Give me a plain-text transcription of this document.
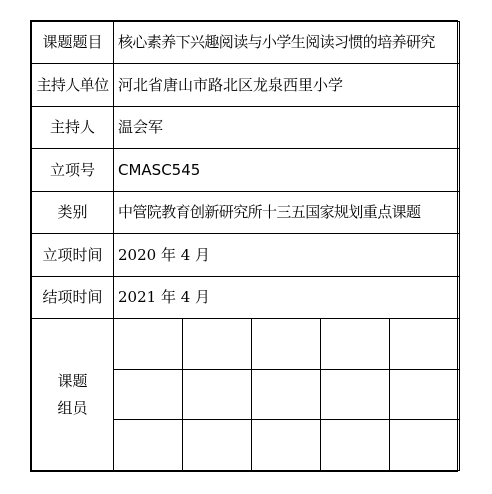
课题题目	核心素养下兴趣阅读与小学生阅读习惯的培养研究				
主持人单位	河北省唐山市路北区龙泉西里小学				
主持人	温会军				
立项号	CMASC545				
类别	中管院教育创新研究所十三五国家规划重点课题				
立项时间	2020 年 4 月				
结项时间	2021 年 4 月				

课题
组员					
